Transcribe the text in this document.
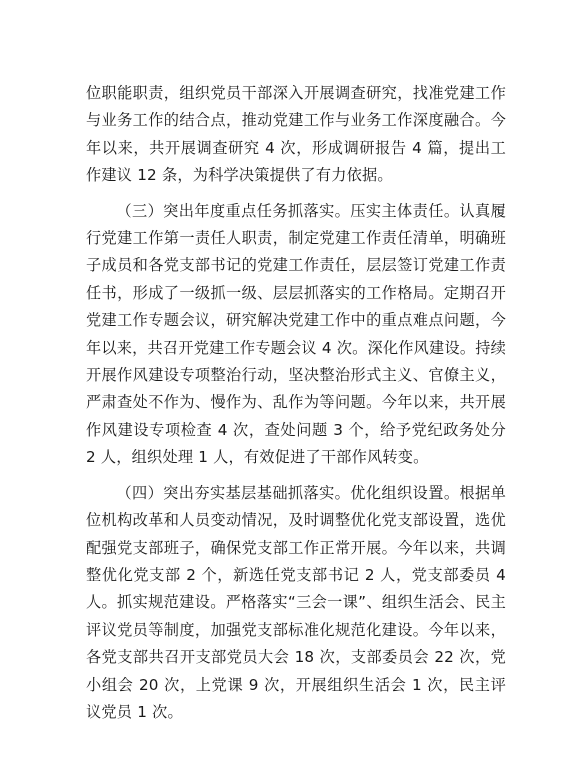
位职能职责，组织党员干部深入开展调查研究，找准党建工作与业务工作的结合点，推动党建工作与业务工作深度融合。今年以来，共开展调查研究 4 次，形成调研报告 4 篇，提出工作建议 12 条，为科学决策提供了有力依据。

（三）突出年度重点任务抓落实。压实主体责任。认真履行党建工作第一责任人职责，制定党建工作责任清单，明确班子成员和各党支部书记的党建工作责任，层层签订党建工作责任书，形成了一级抓一级、层层抓落实的工作格局。定期召开党建工作专题会议，研究解决党建工作中的重点难点问题，今年以来，共召开党建工作专题会议 4 次。深化作风建设。持续开展作风建设专项整治行动，坚决整治形式主义、官僚主义，严肃查处不作为、慢作为、乱作为等问题。今年以来，共开展作风建设专项检查 4 次，查处问题 3 个，给予党纪政务处分 2 人，组织处理 1 人，有效促进了干部作风转变。

（四）突出夯实基层基础抓落实。优化组织设置。根据单位机构改革和人员变动情况，及时调整优化党支部设置，选优配强党支部班子，确保党支部工作正常开展。今年以来，共调整优化党支部 2 个，新选任党支部书记 2 人，党支部委员 4 人。抓实规范建设。严格落实“三会一课”、组织生活会、民主评议党员等制度，加强党支部标准化规范化建设。今年以来，各党支部共召开支部党员大会 18 次，支部委员会 22 次，党小组会 20 次，上党课 9 次，开展组织生活会 1 次，民主评议党员 1 次。
